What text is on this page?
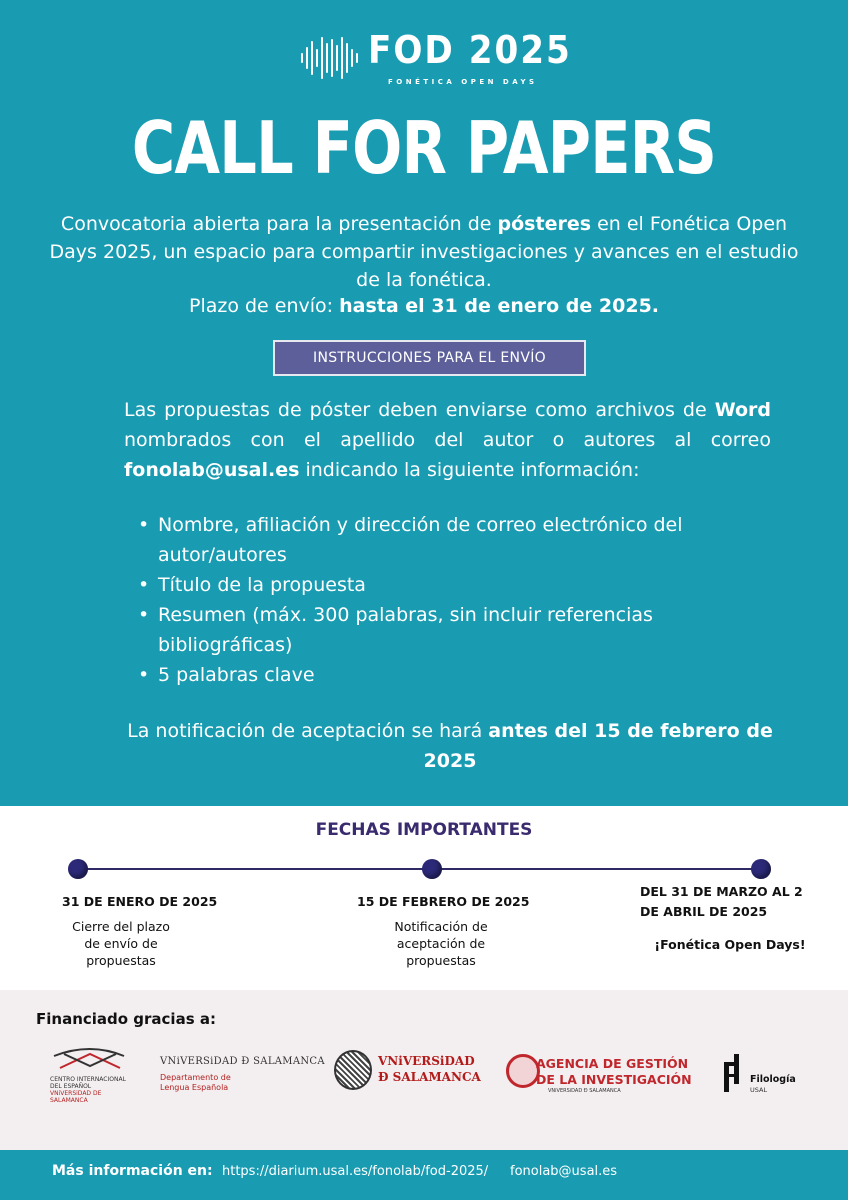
FOD 2025
FONÉTICA OPEN DAYS
CALL FOR PAPERS

Convocatoria abierta para la presentación de pósteres en el Fonética Open Days 2025, un espacio para compartir investigaciones y avances en el estudio de la fonética.

Plazo de envío: hasta el 31 de enero de 2025.

INSTRUCCIONES PARA EL ENVÍO

Las propuestas de póster deben enviarse como archivos de Word nombrados con el apellido del autor o autores al correo fonolab@usal.es indicando la siguiente información:

• Nombre, afiliación y dirección de correo electrónico del autor/autores
• Título de la propuesta
• Resumen (máx. 300 palabras, sin incluir referencias bibliográficas)
• 5 palabras clave

La notificación de aceptación se hará antes del 15 de febrero de 2025

FECHAS IMPORTANTES
31 DE ENERO DE 2025
Cierre del plazo de envío de propuestas
15 DE FEBRERO DE 2025
Notificación de aceptación de propuestas
DEL 31 DE MARZO AL 2 DE ABRIL DE 2025
¡Fonética Open Days!
Financiado gracias a:
CENTRO INTERNACIONAL DEL ESPAÑOL
VNiVERSiDAD DE SALAMANCA
VNiVERSiDAD Ð SALAMANCA
Departamento de Lengua Española
VNiVERSiDAD
Ð SALAMANCA
AGENCIA DE GESTIÓN
DE LA INVESTIGACIÓN
VNiVERSiDAD Ð SALAMANCA
Filología
USAL
Más información en: https://diarium.usal.es/fonolab/fod-2025/ fonolab@usal.es
